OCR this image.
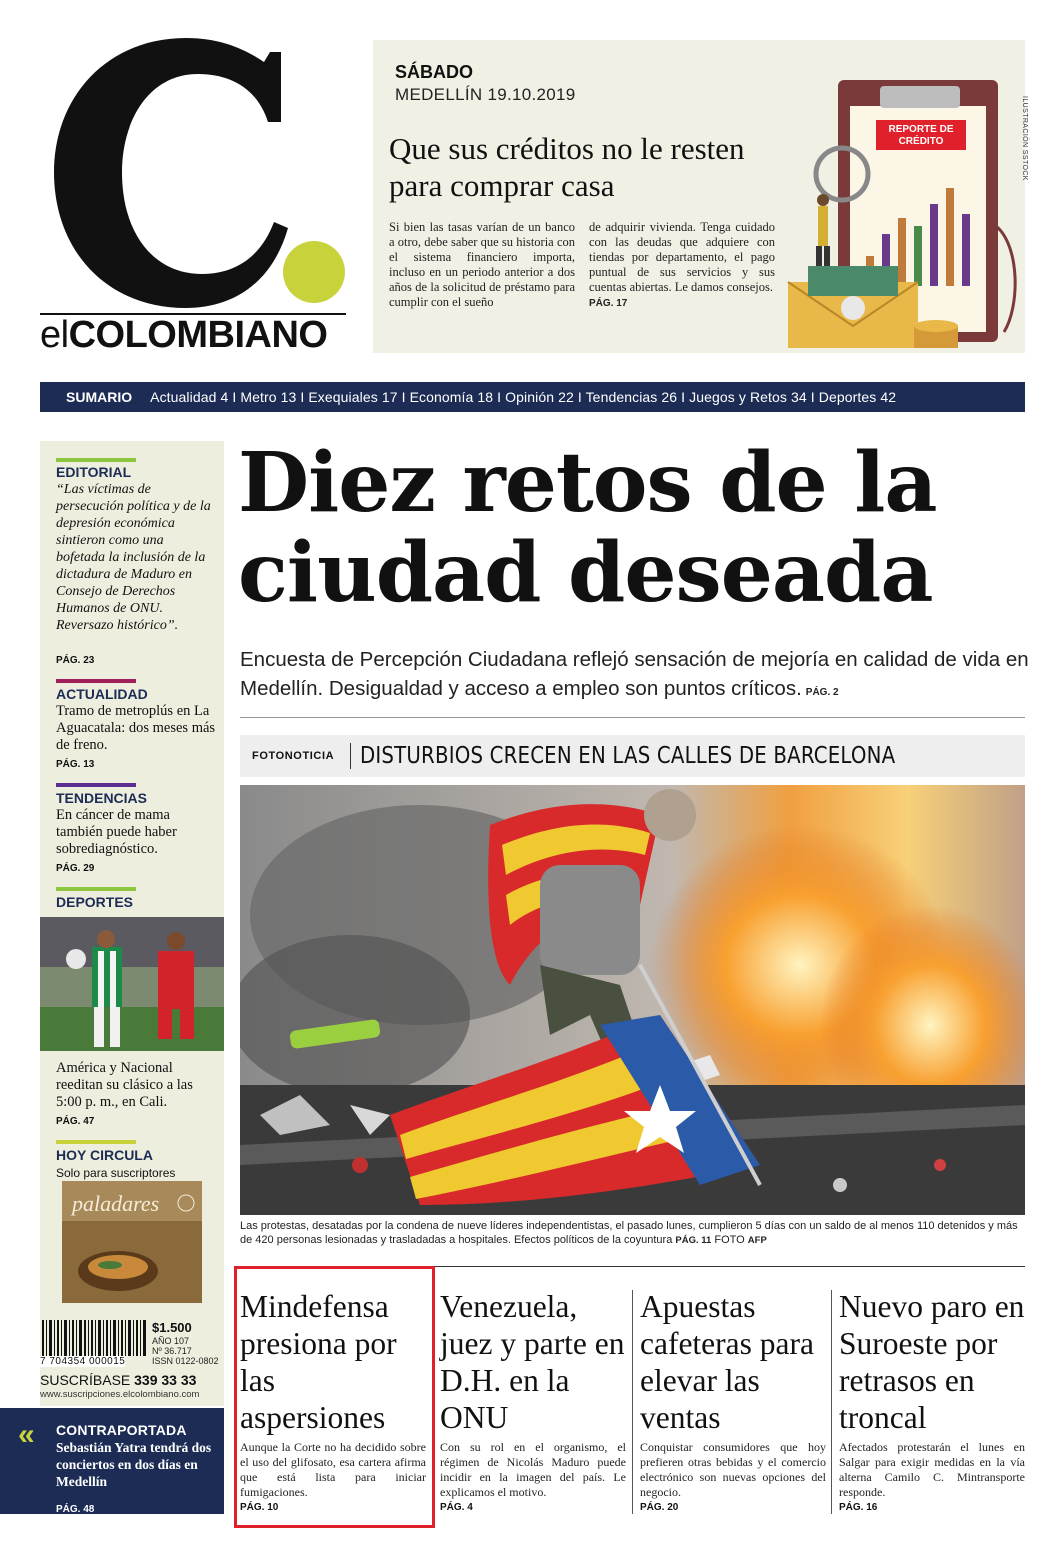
elCOLOMBIANO
SÁBADO
MEDELLÍN 19.10.2019
Que sus créditos no le resten para comprar casa
Si bien las tasas varían de un banco a otro, debe saber que su historia con el sistema financiero importa, incluso en un periodo anterior a dos años de la solicitud de préstamo para cumplir con el sueño
de adquirir vivienda. Tenga cuidado con las deudas que adquiere con tiendas por departamento, el pago puntual de sus servicios y sus cuentas abiertas. Le damos consejos.
PÁG. 17
REPORTE DE
CRÉDITO	ILUSTRACIÓN SSTOCK
SUMARIO Actualidad 4 I Metro 13 I Exequiales 17 I Economía 18 I Opinión 22 I Tendencias 26 I Juegos y Retos 34 I Deportes 42
EDITORIAL
“Las víctimas de persecución política y de la depresión económica sintieron como una bofetada la inclusión de la dictadura de Maduro en Consejo de Derechos Humanos de ONU. Reversazo histórico”.
PÁG. 23
ACTUALIDAD
Tramo de metroplús en La Aguacatala: dos meses más de freno.
PÁG. 13
TENDENCIAS
En cáncer de mama también puede haber sobrediagnóstico.
PÁG. 29
DEPORTES
América y Nacional reeditan su clásico a las 5:00 p. m., en Cali.
PÁG. 47
HOY CIRCULA
Solo para suscriptores
paladares
7 704354 000015
$1.500
AÑO 107
Nº 36.717
ISSN 0122-0802
SUSCRÍBASE 339 33 33
www.suscripciones.elcolombiano.com
« CONTRAPORTADA
Sebastián Yatra tendrá dos conciertos en dos días en Medellín
PÁG. 48
Diez retos de la ciudad deseada
Encuesta de Percepción Ciudadana reflejó sensación de mejoría en calidad de vida en Medellín. Desigualdad y acceso a empleo son puntos críticos. PÁG. 2
FOTONOTICIA DISTURBIOS CRECEN EN LAS CALLES DE BARCELONA
Las protestas, desatadas por la condena de nueve líderes independentistas, el pasado lunes, cumplieron 5 días con un saldo de al menos 110 detenidos y más de 420 personas lesionadas y trasladadas a hospitales. Efectos políticos de la coyuntura PÁG. 11 FOTO AFP
Mindefensa presiona por las aspersiones
Aunque la Corte no ha decidido sobre el uso del glifosato, esa cartera afirma que está lista para iniciar fumigaciones.
PÁG. 10
Venezuela, juez y parte en D.H. en la ONU
Con su rol en el organismo, el régimen de Nicolás Maduro puede incidir en la imagen del país. Le explicamos el motivo.
PÁG. 4
Apuestas cafeteras para elevar las ventas
Conquistar consumidores que hoy prefieren otras bebidas y el comercio electrónico son nuevas opciones del negocio.
PÁG. 20
Nuevo paro en Suroeste por retrasos en troncal
Afectados protestarán el lunes en Salgar para exigir medidas en la vía alterna Camilo C. Mintransporte responde.
PÁG. 16
